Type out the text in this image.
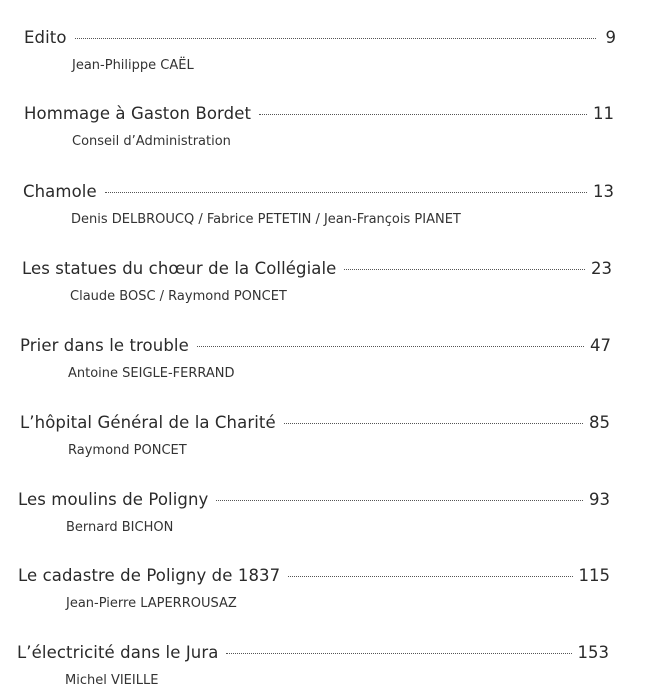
Edito	9
Jean-Philippe CAËL
Hommage à Gaston Bordet	11
Conseil d’Administration
Chamole	13
Denis DELBROUCQ / Fabrice PETETIN / Jean-François PIANET
Les statues du chœur de la Collégiale	23
Claude BOSC / Raymond PONCET
Prier dans le trouble	47
Antoine SEIGLE-FERRAND
L’hôpital Général de la Charité	85
Raymond PONCET
Les moulins de Poligny	93
Bernard BICHON
Le cadastre de Poligny de 1837	115
Jean-Pierre LAPERROUSAZ
L’électricité dans le Jura	153
Michel VIEILLE
